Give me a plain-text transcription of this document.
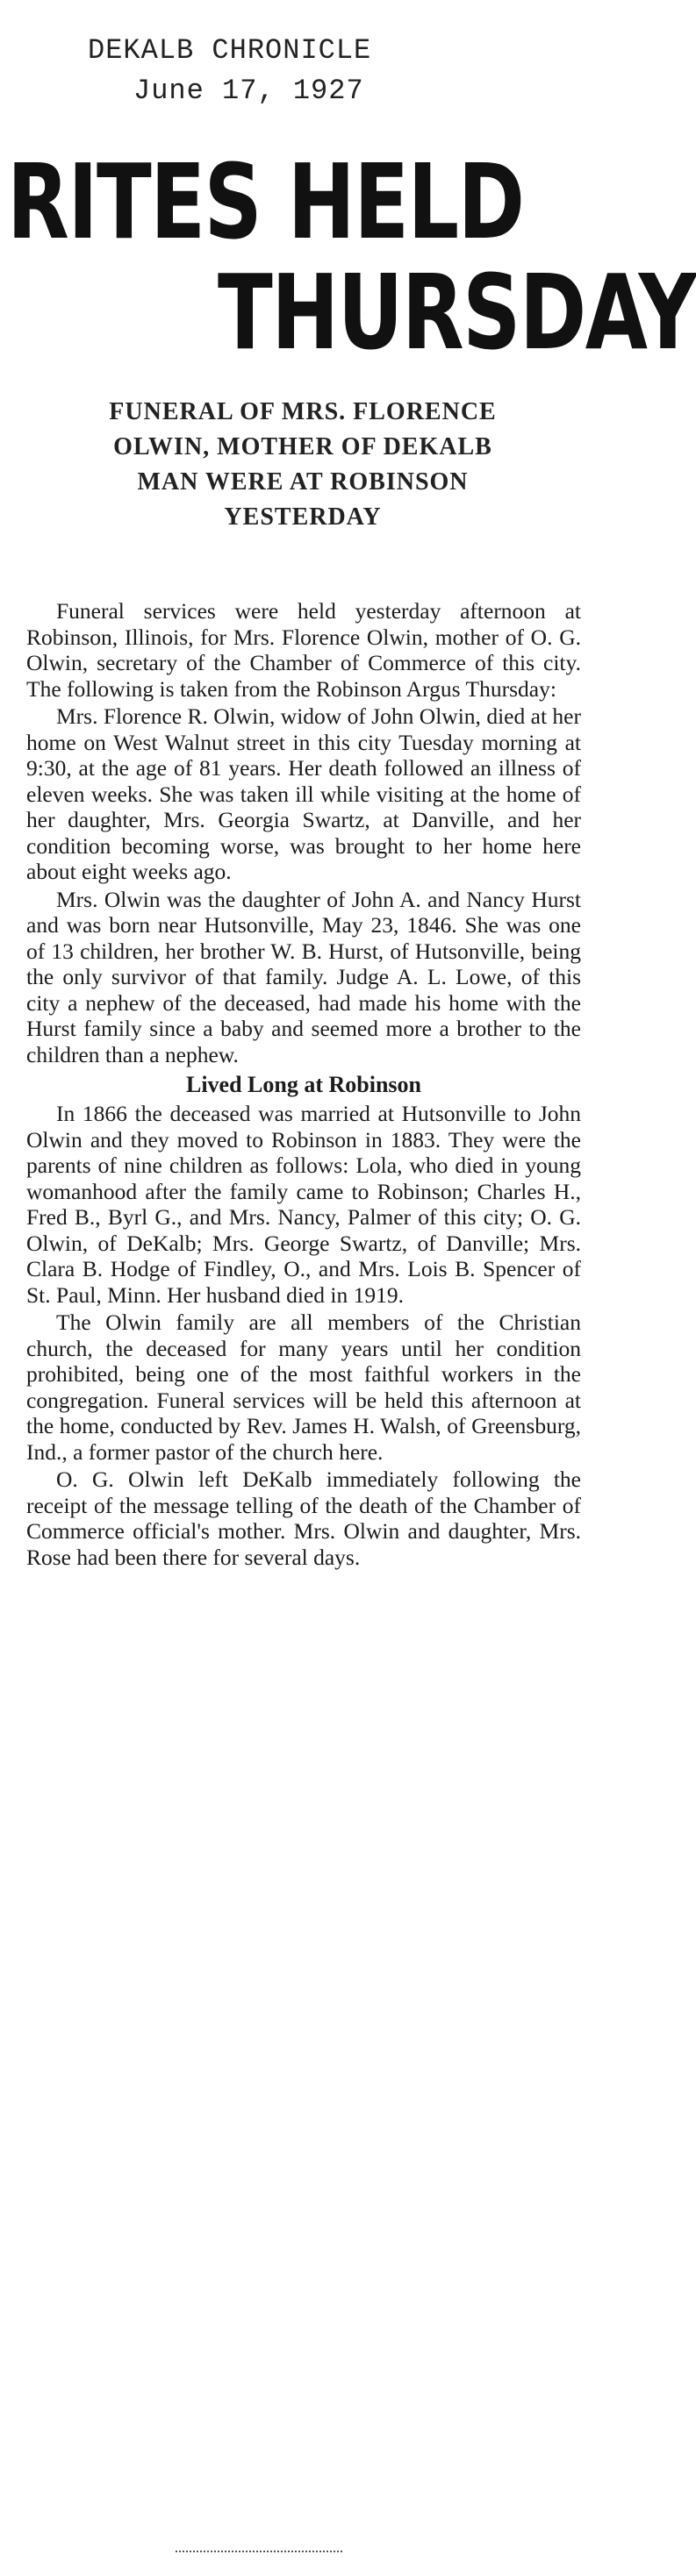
DEKALB CHRONICLE
June 17, 1927
RITES HELD
THURSDAY
FUNERAL OF MRS. FLORENCE
OLWIN, MOTHER OF DEKALB
MAN WERE AT ROBINSON
YESTERDAY

Funeral services were held yesterday afternoon at Robinson, Illinois, for Mrs. Florence Olwin, mother of O. G. Olwin, secretary of the Chamber of Commerce of this city. The following is taken from the Robinson Argus Thursday:

Mrs. Florence R. Olwin, widow of John Olwin, died at her home on West Walnut street in this city Tuesday morning at 9:30, at the age of 81 years. Her death followed an illness of eleven weeks. She was taken ill while visiting at the home of her daughter, Mrs. Georgia Swartz, at Danville, and her condition becoming worse, was brought to her home here about eight weeks ago.

Mrs. Olwin was the daughter of John A. and Nancy Hurst and was born near Hutsonville, May 23, 1846. She was one of 13 children, her brother W. B. Hurst, of Hutsonville, being the only survivor of that family. Judge A. L. Lowe, of this city a nephew of the deceased, had made his home with the Hurst family since a baby and seemed more a brother to the children than a nephew.

Lived Long at Robinson

In 1866 the deceased was married at Hutsonville to John Olwin and they moved to Robinson in 1883. They were the parents of nine children as follows: Lola, who died in young womanhood after the family came to Robinson; Charles H., Fred B., Byrl G., and Mrs. Nancy, Palmer of this city; O. G. Olwin, of DeKalb; Mrs. George Swartz, of Danville; Mrs. Clara B. Hodge of Findley, O., and Mrs. Lois B. Spencer of St. Paul, Minn. Her husband died in 1919.

The Olwin family are all members of the Christian church, the deceased for many years until her condition prohibited, being one of the most faithful workers in the congregation. Funeral services will be held this afternoon at the home, conducted by Rev. James H. Walsh, of Greensburg, Ind., a former pastor of the church here.

O. G. Olwin left DeKalb immediately following the receipt of the message telling of the death of the Chamber of Commerce official's mother. Mrs. Olwin and daughter, Mrs. Rose had been there for several days.
